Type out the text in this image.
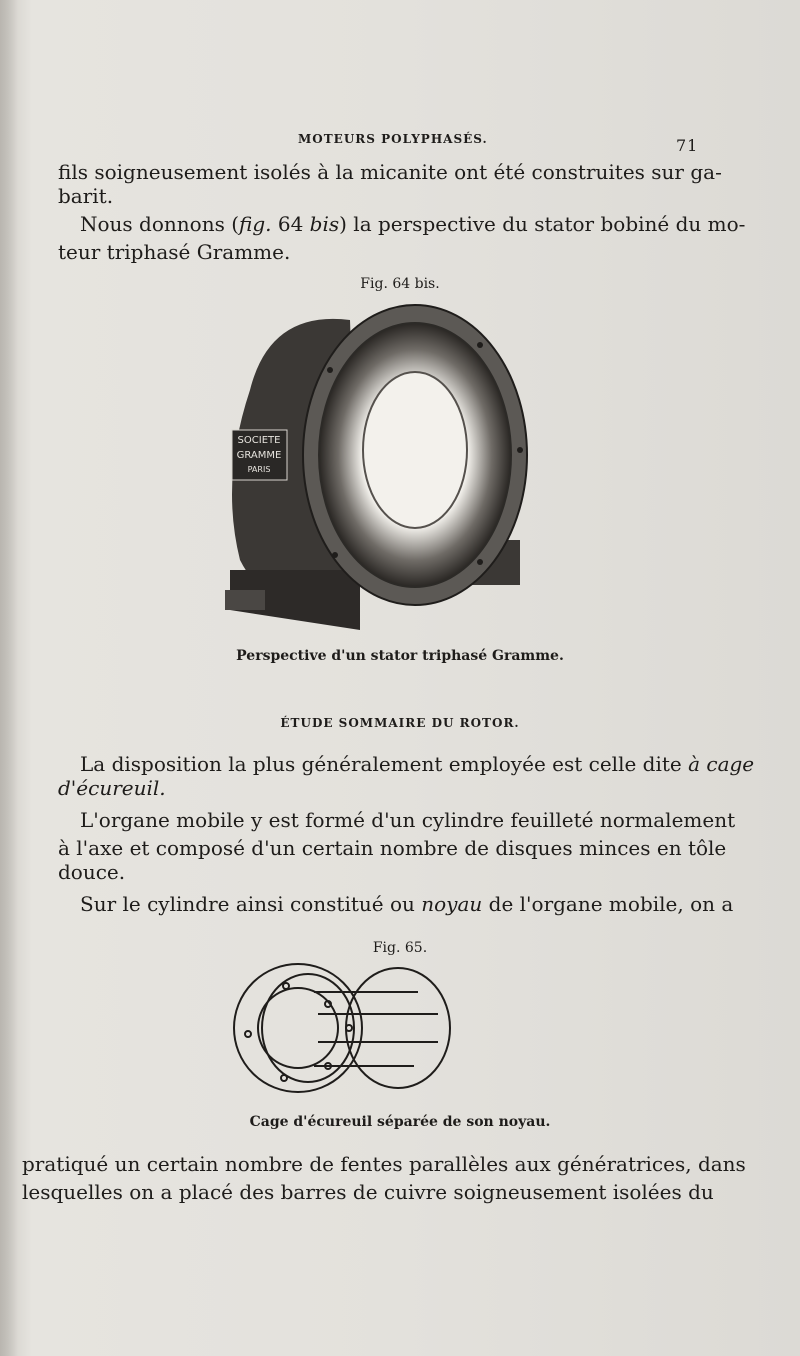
MOTEURS POLYPHASÉS.	71
fils soigneusement isolés à la micanite ont été construites sur ga-
barit.
Nous donnons (fig. 64 bis) la perspective du stator bobiné du mo-
teur triphasé Gramme.
Fig. 64 bis.
SOCIETE
GRAMME
PARIS
Perspective d'un stator triphasé Gramme.
ÉTUDE SOMMAIRE DU ROTOR.
La disposition la plus généralement employée est celle dite à cage
d'écureuil.
L'organe mobile y est formé d'un cylindre feuilleté normalement
à l'axe et composé d'un certain nombre de disques minces en tôle
douce.
Sur le cylindre ainsi constitué ou noyau de l'organe mobile, on a
Fig. 65.
Cage d'écureuil séparée de son noyau.
pratiqué un certain nombre de fentes parallèles aux génératrices, dans
lesquelles on a placé des barres de cuivre soigneusement isolées du
